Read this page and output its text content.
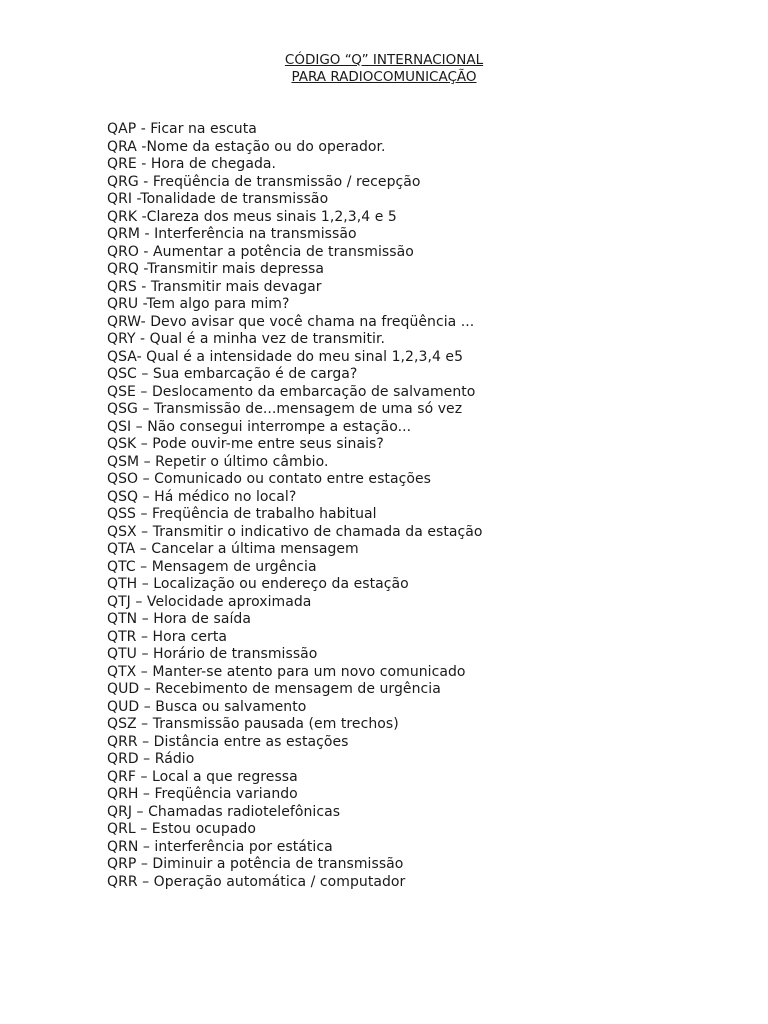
CÓDIGO “Q” INTERNACIONAL
PARA RADIOCOMUNICAÇÃO
QAP - Ficar na escuta
QRA -Nome da estação ou do operador.
QRE - Hora de chegada.
QRG - Freqüência de transmissão / recepção
QRI -Tonalidade de transmissão
QRK -Clareza dos meus sinais 1,2,3,4 e 5
QRM - Interferência na transmissão
QRO - Aumentar a potência de transmissão
QRQ -Transmitir mais depressa
QRS - Transmitir mais devagar
QRU -Tem algo para mim?
QRW- Devo avisar que você chama na freqüência ...
QRY - Qual é a minha vez de transmitir.
QSA- Qual é a intensidade do meu sinal 1,2,3,4 e5
QSC – Sua embarcação é de carga?
QSE – Deslocamento da embarcação de salvamento
QSG – Transmissão de...mensagem de uma só vez
QSI – Não consegui interrompe a estação...
QSK – Pode ouvir-me entre seus sinais?
QSM – Repetir o último câmbio.
QSO – Comunicado ou contato entre estações
QSQ – Há médico no local?
QSS – Freqüência de trabalho habitual
QSX – Transmitir o indicativo de chamada da estação
QTA – Cancelar a última mensagem
QTC – Mensagem de urgência
QTH – Localização ou endereço da estação
QTJ – Velocidade aproximada
QTN – Hora de saída
QTR – Hora certa
QTU – Horário de transmissão
QTX – Manter-se atento para um novo comunicado
QUD – Recebimento de mensagem de urgência
QUD – Busca ou salvamento
QSZ – Transmissão pausada (em trechos)
QRR – Distância entre as estações
QRD – Rádio
QRF – Local a que regressa
QRH – Freqüência variando
QRJ – Chamadas radiotelefônicas
QRL – Estou ocupado
QRN – interferência por estática
QRP – Diminuir a potência de transmissão
QRR – Operação automática / computador
